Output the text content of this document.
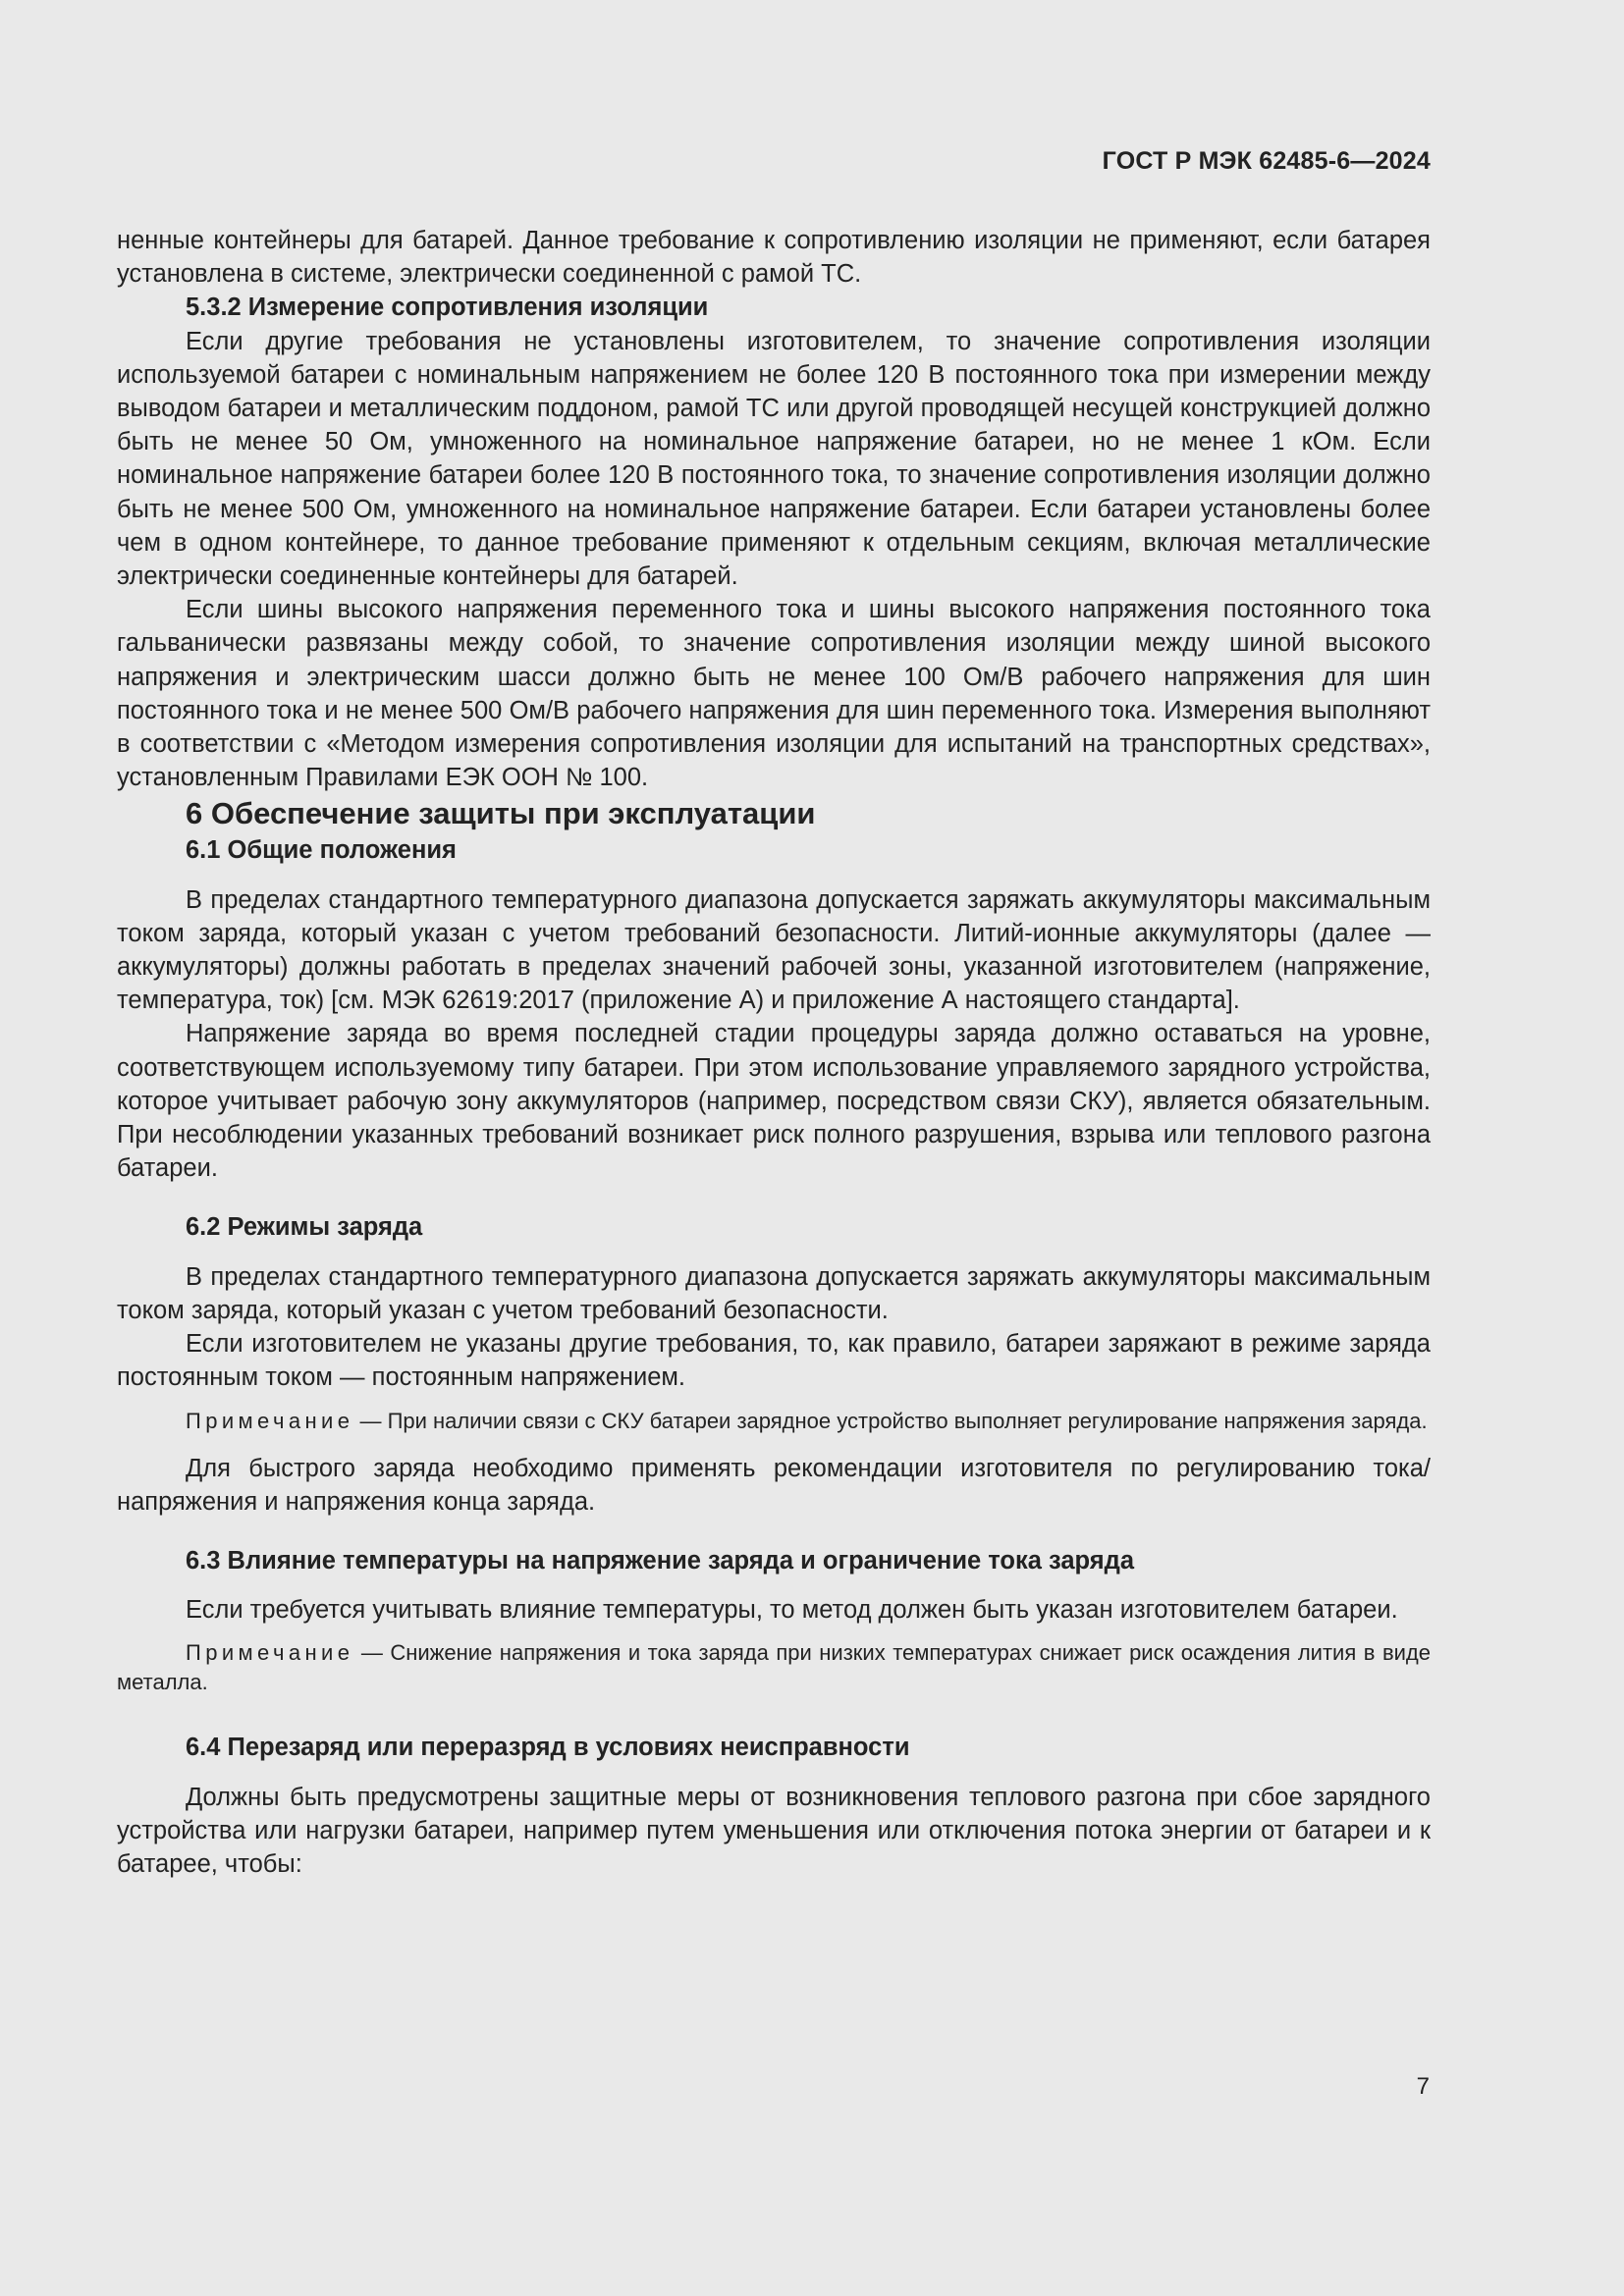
ГОСТ Р МЭК 62485-6—2024

ненные контейнеры для батарей. Данное требование к сопротивлению изоляции не применяют, если батарея установлена в системе, электрически соединенной с рамой ТС.

5.3.2 Измерение сопротивления изоляции

Если другие требования не установлены изготовителем, то значение сопротивления изоляции используемой батареи с номинальным напряжением не более 120 В постоянного тока при измерении между выводом батареи и металлическим поддоном, рамой ТС или другой проводящей несущей конструкцией должно быть не менее 50 Ом, умноженного на номинальное напряжение батареи, но не менее 1 кОм. Если номинальное напряжение батареи более 120 В постоянного тока, то значение сопротивления изоляции должно быть не менее 500 Ом, умноженного на номинальное напряжение батареи. Если батареи установлены более чем в одном контейнере, то данное требование применяют к отдельным секциям, включая металлические электрически соединенные контейнеры для батарей.

Если шины высокого напряжения переменного тока и шины высокого напряжения постоянного тока гальванически развязаны между собой, то значение сопротивления изоляции между шиной высокого напряжения и электрическим шасси должно быть не менее 100 Ом/В рабочего напряжения для шин постоянного тока и не менее 500 Ом/В рабочего напряжения для шин переменного тока. Измерения выполняют в соответствии с «Методом измерения сопротивления изоляции для испытаний на транспортных средствах», установленным Правилами ЕЭК ООН № 100.

6 Обеспечение защиты при эксплуатации

6.1 Общие положения

В пределах стандартного температурного диапазона допускается заряжать аккумуляторы максимальным током заряда, который указан с учетом требований безопасности. Литий-ионные аккумуляторы (далее — аккумуляторы) должны работать в пределах значений рабочей зоны, указанной изготовителем (напряжение, температура, ток) [см. МЭК 62619:2017 (приложение А) и приложение А настоящего стандарта].

Напряжение заряда во время последней стадии процедуры заряда должно оставаться на уровне, соответствующем используемому типу батареи. При этом использование управляемого зарядного устройства, которое учитывает рабочую зону аккумуляторов (например, посредством связи СКУ), является обязательным. При несоблюдении указанных требований возникает риск полного разрушения, взрыва или теплового разгона батареи.

6.2 Режимы заряда

В пределах стандартного температурного диапазона допускается заряжать аккумуляторы максимальным током заряда, который указан с учетом требований безопасности.

Если изготовителем не указаны другие требования, то, как правило, батареи заряжают в режиме заряда постоянным током — постоянным напряжением.

Примечание — При наличии связи с СКУ батареи зарядное устройство выполняет регулирование напряжения заряда.

Для быстрого заряда необходимо применять рекомендации изготовителя по регулированию тока/напряжения и напряжения конца заряда.

6.3 Влияние температуры на напряжение заряда и ограничение тока заряда

Если требуется учитывать влияние температуры, то метод должен быть указан изготовителем батареи.

Примечание — Снижение напряжения и тока заряда при низких температурах снижает риск осаждения лития в виде металла.

6.4 Перезаряд или переразряд в условиях неисправности

Должны быть предусмотрены защитные меры от возникновения теплового разгона при сбое зарядного устройства или нагрузки батареи, например путем уменьшения или отключения потока энергии от батареи и к батарее, чтобы:

7
